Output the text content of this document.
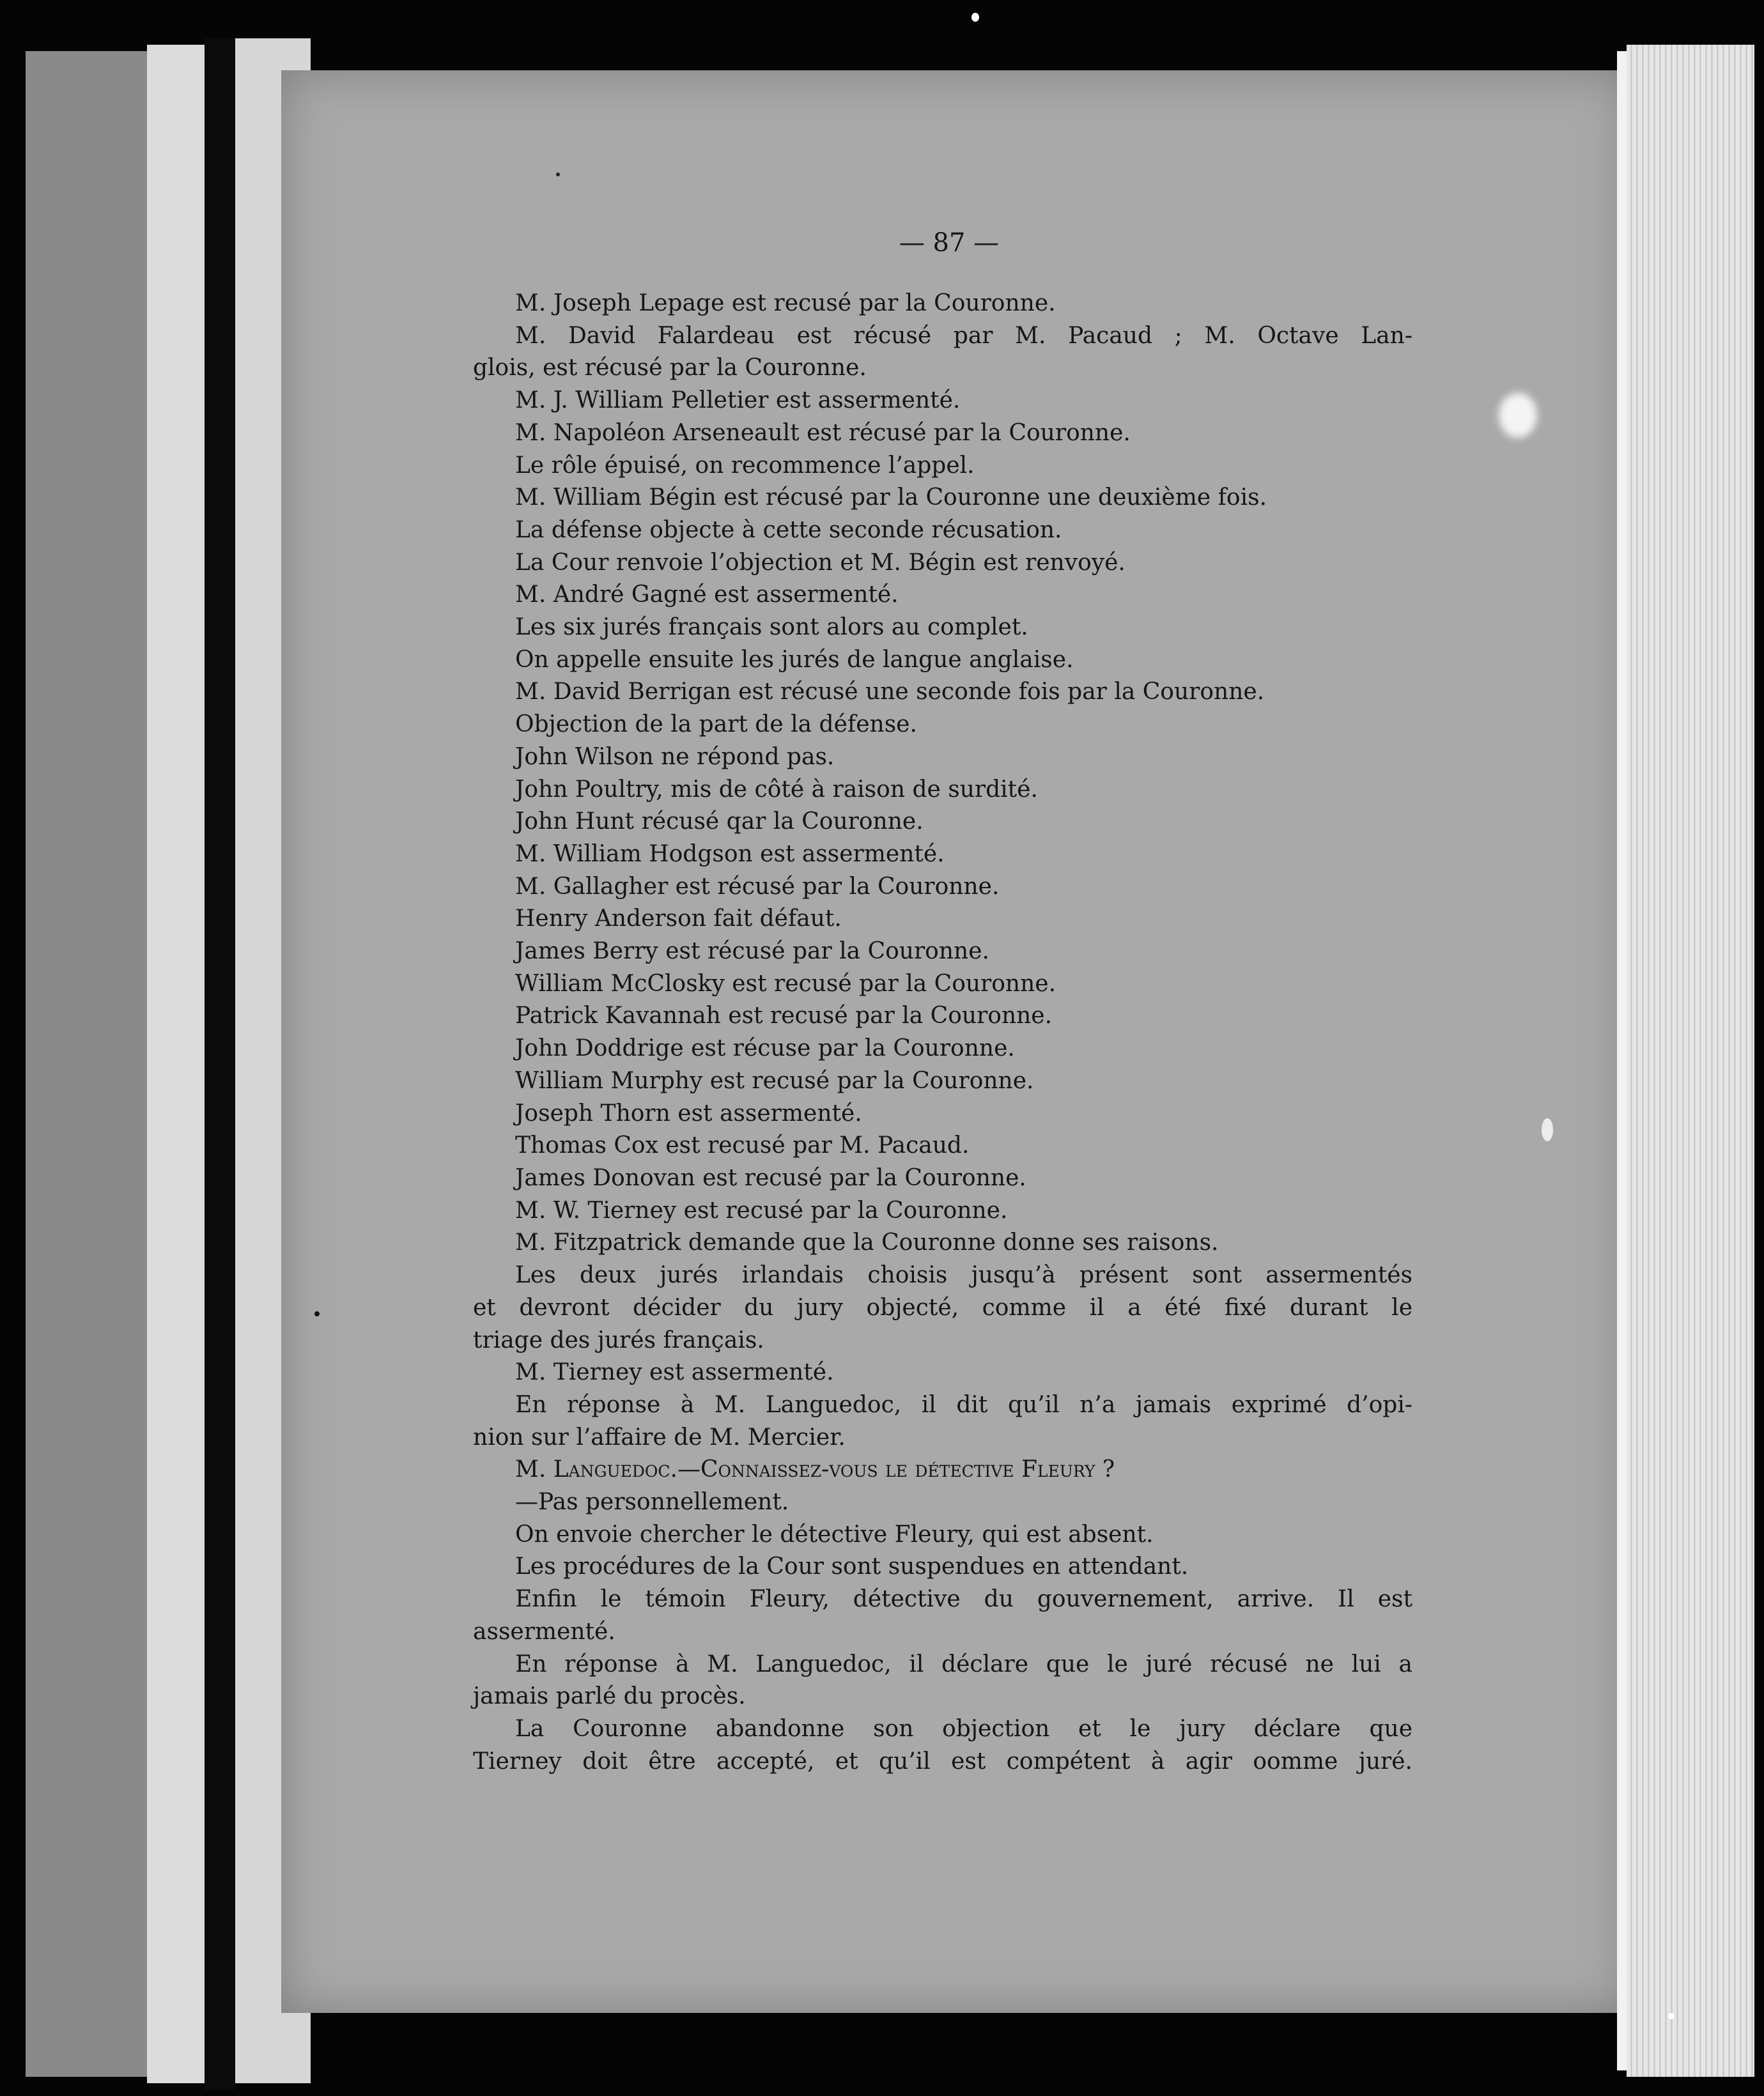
— 87 —
M. Joseph Lepage est recusé par la Couronne.
M. David Falardeau est récusé par M. Pacaud ; M. Octave Lan-
glois, est récusé par la Couronne.
M. J. William Pelletier est assermenté.
M. Napoléon Arseneault est récusé par la Couronne.
Le rôle épuisé, on recommence l’appel.
M. William Bégin est récusé par la Couronne une deuxième fois.
La défense objecte à cette seconde récusation.
La Cour renvoie l’objection et M. Bégin est renvoyé.
M. André Gagné est assermenté.
Les six jurés français sont alors au complet.
On appelle ensuite les jurés de langue anglaise.
M. David Berrigan est récusé une seconde fois par la Couronne.
Objection de la part de la défense.
John Wilson ne répond pas.
John Poultry, mis de côté à raison de surdité.
John Hunt récusé qar la Couronne.
M. William Hodgson est assermenté.
M. Gallagher est récusé par la Couronne.
Henry Anderson fait défaut.
James Berry est récusé par la Couronne.
William McClosky est recusé par la Couronne.
Patrick Kavannah est recusé par la Couronne.
John Doddrige est récuse par la Couronne.
William Murphy est recusé par la Couronne.
Joseph Thorn est assermenté.
Thomas Cox est recusé par M. Pacaud.
James Donovan est recusé par la Couronne.
M. W. Tierney est recusé par la Couronne.
M. Fitzpatrick demande que la Couronne donne ses raisons.
Les deux jurés irlandais choisis jusqu’à présent sont assermentés
et devront décider du jury objecté, comme il a été fixé durant le
triage des jurés français.
M. Tierney est assermenté.
En réponse à M. Languedoc, il dit qu’il n’a jamais exprimé d’opi-
nion sur l’affaire de M. Mercier.
M. Languedoc.—Connaissez-vous le détective Fleury ?
—Pas personnellement.
On envoie chercher le détective Fleury, qui est absent.
Les procédures de la Cour sont suspendues en attendant.
Enfin le témoin Fleury, détective du gouvernement, arrive. Il est
assermenté.
En réponse à M. Languedoc, il déclare que le juré récusé ne lui a
jamais parlé du procès.
La Couronne abandonne son objection et le jury déclare que
Tierney doit être accepté, et qu’il est compétent à agir oomme juré.
